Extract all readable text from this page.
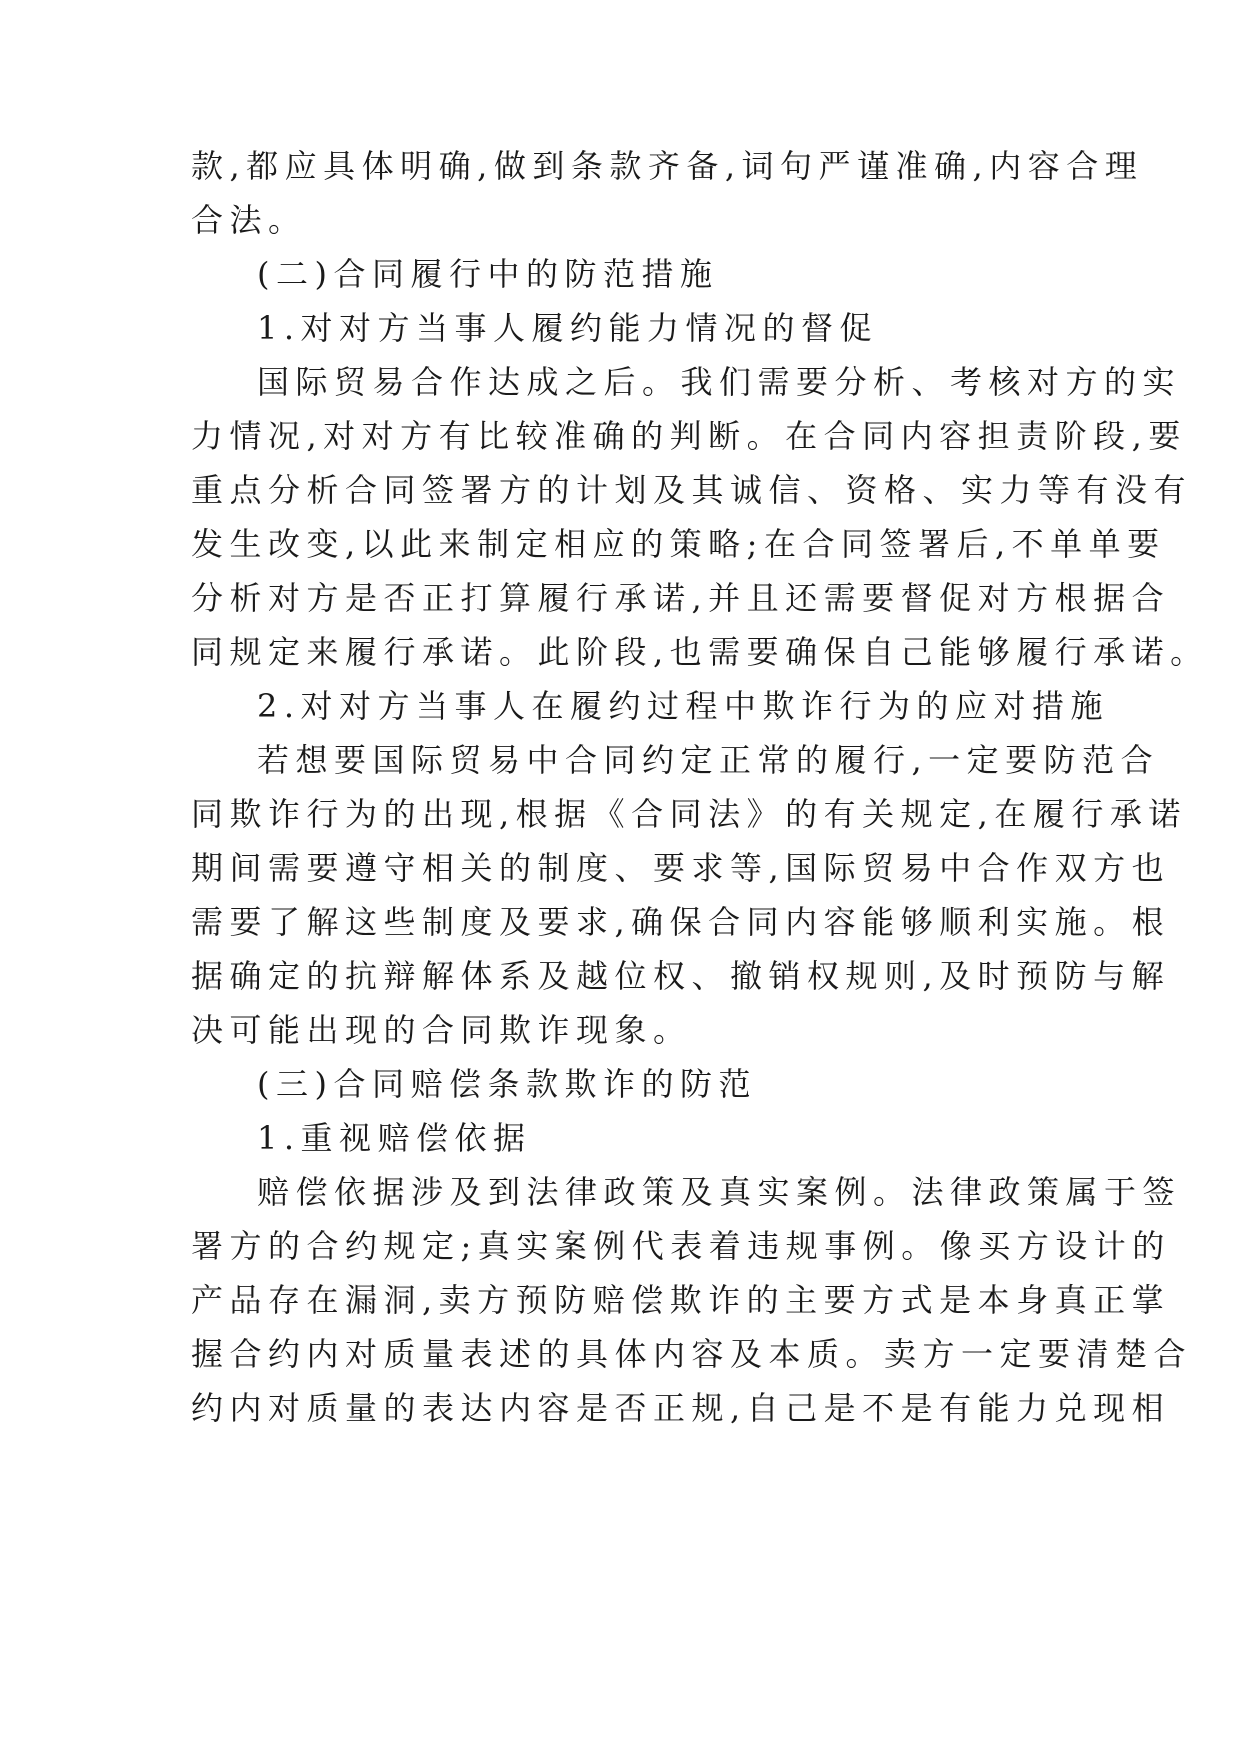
款,都应具体明确,做到条款齐备,词句严谨准确,内容合理
合法。
(二)合同履行中的防范措施
1.对对方当事人履约能力情况的督促
国际贸易合作达成之后。我们需要分析、考核对方的实
力情况,对对方有比较准确的判断。在合同内容担责阶段,要
重点分析合同签署方的计划及其诚信、资格、实力等有没有
发生改变,以此来制定相应的策略;在合同签署后,不单单要
分析对方是否正打算履行承诺,并且还需要督促对方根据合
同规定来履行承诺。此阶段,也需要确保自己能够履行承诺。
2.对对方当事人在履约过程中欺诈行为的应对措施
若想要国际贸易中合同约定正常的履行,一定要防范合
同欺诈行为的出现,根据《合同法》的有关规定,在履行承诺
期间需要遵守相关的制度、要求等,国际贸易中合作双方也
需要了解这些制度及要求,确保合同内容能够顺利实施。根
据确定的抗辩解体系及越位权、撤销权规则,及时预防与解
决可能出现的合同欺诈现象。
(三)合同赔偿条款欺诈的防范
1.重视赔偿依据
赔偿依据涉及到法律政策及真实案例。法律政策属于签
署方的合约规定;真实案例代表着违规事例。像买方设计的
产品存在漏洞,卖方预防赔偿欺诈的主要方式是本身真正掌
握合约内对质量表述的具体内容及本质。卖方一定要清楚合
约内对质量的表达内容是否正规,自己是不是有能力兑现相
